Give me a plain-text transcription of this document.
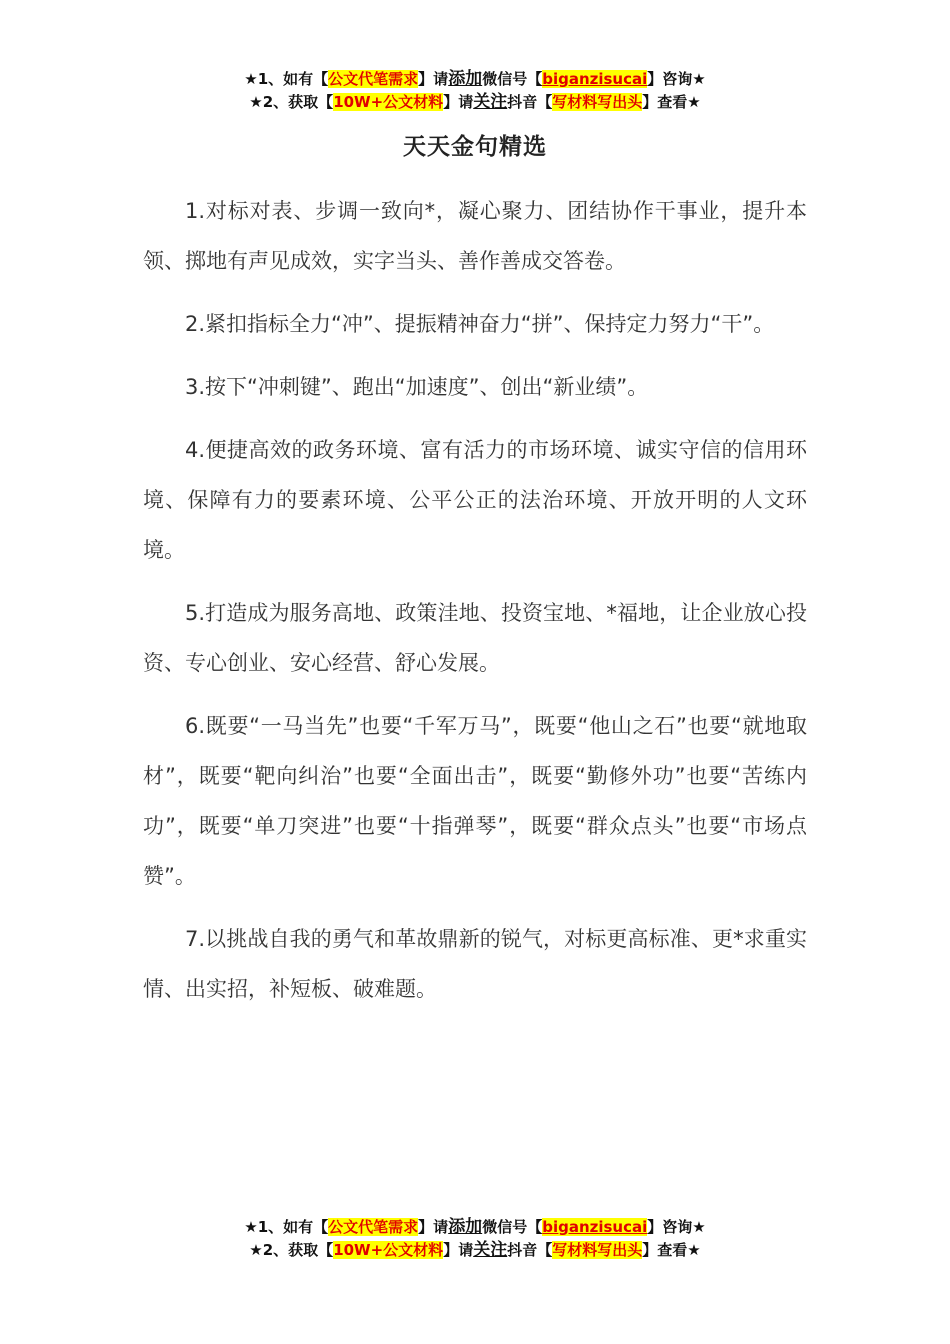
★1、如有【公文代笔需求】请添加微信号【biganzisucai】咨询★
★2、获取【10W+公文材料】请关注抖音【写材料写出头】查看★
天天金句精选

1.对标对表、步调一致向*，凝心聚力、团结协作干事业，提升本领、掷地有声见成效，实字当头、善作善成交答卷。

2.紧扣指标全力“冲”、提振精神奋力“拼”、保持定力努力“干”。

3.按下“冲刺键”、跑出“加速度”、创出“新业绩”。

4.便捷高效的政务环境、富有活力的市场环境、诚实守信的信用环境、保障有力的要素环境、公平公正的法治环境、开放开明的人文环境。

5.打造成为服务高地、政策洼地、投资宝地、*福地，让企业放心投资、专心创业、安心经营、舒心发展。

6.既要“一马当先”也要“千军万马”，既要“他山之石”也要“就地取材”，既要“靶向纠治”也要“全面出击”，既要“勤修外功”也要“苦练内功”，既要“单刀突进”也要“十指弹琴”，既要“群众点头”也要“市场点赞”。

7.以挑战自我的勇气和革故鼎新的锐气，对标更高标准、更*求重实情、出实招，补短板、破难题。

★1、如有【公文代笔需求】请添加微信号【biganzisucai】咨询★
★2、获取【10W+公文材料】请关注抖音【写材料写出头】查看★
